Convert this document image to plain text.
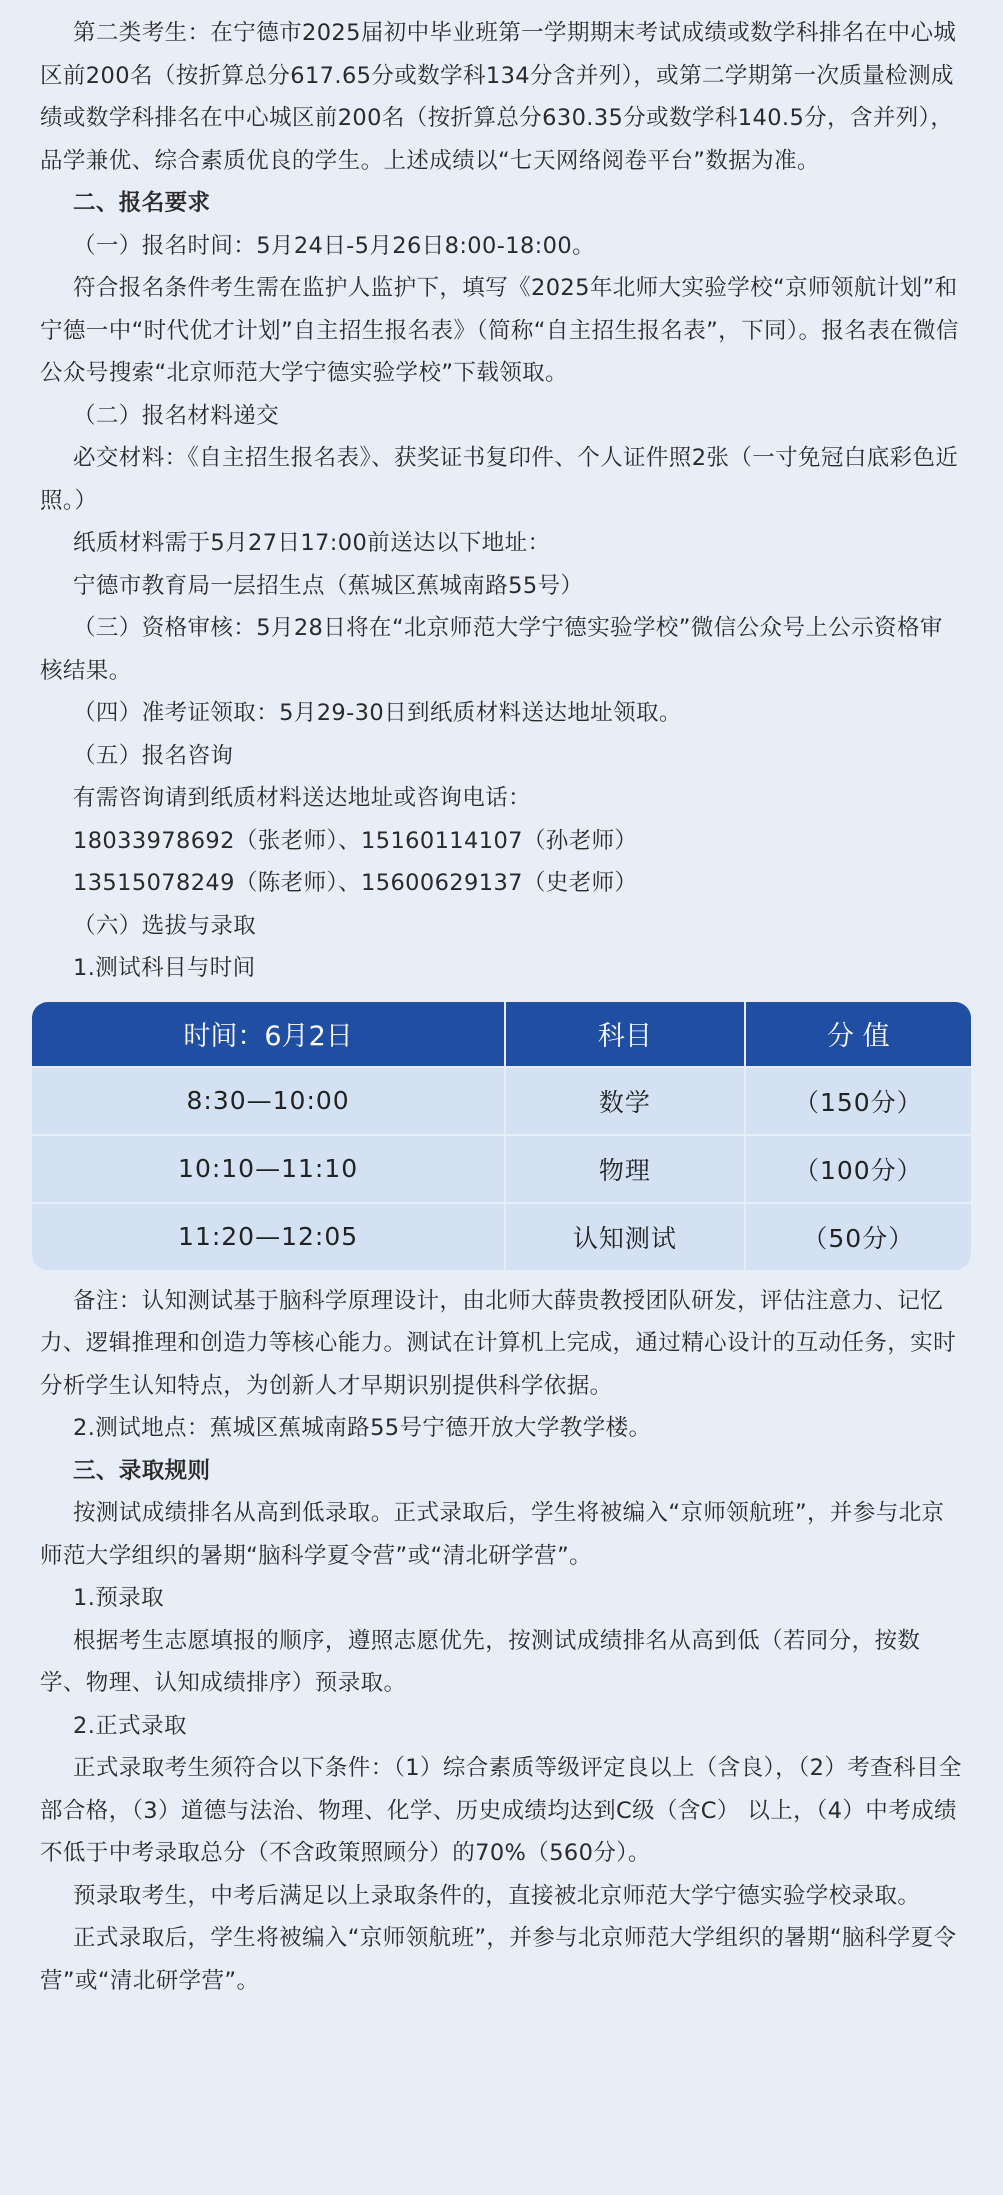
第二类考生：在宁德市2025届初中毕业班第一学期期末考试成绩或数学科排名在中心城区前200名（按折算总分617.65分或数学科134分含并列），或第二学期第一次质量检测成绩或数学科排名在中心城区前200名（按折算总分630.35分或数学科140.5分，含并列），品学兼优、综合素质优良的学生。上述成绩以“七天网络阅卷平台”数据为准。

二、报名要求

（一）报名时间：5月24日-5月26日8:00-18:00。

符合报名条件考生需在监护人监护下，填写《2025年北师大实验学校“京师领航计划”和宁德一中“时代优才计划”自主招生报名表》（简称“自主招生报名表”，下同）。报名表在微信公众号搜索“北京师范大学宁德实验学校”下载领取。

（二）报名材料递交

必交材料：《自主招生报名表》、获奖证书复印件、个人证件照2张（一寸免冠白底彩色近照。）

纸质材料需于5月27日17:00前送达以下地址：

宁德市教育局一层招生点（蕉城区蕉城南路55号）

（三）资格审核：5月28日将在“北京师范大学宁德实验学校”微信公众号上公示资格审核结果。

（四）准考证领取：5月29-30日到纸质材料送达地址领取。

（五）报名咨询

有需咨询请到纸质材料送达地址或咨询电话：

18033978692（张老师）、15160114107（孙老师）

13515078249（陈老师）、15600629137（史老师）

（六）选拔与录取

1.测试科目与时间

时间：6月2日	科目	分 值
8:30—10:00	数学	（150分）
10:10—11:10	物理	（100分）
11:20—12:05	认知测试	（50分）

备注：认知测试基于脑科学原理设计，由北师大薛贵教授团队研发，评估注意力、记忆力、逻辑推理和创造力等核心能力。测试在计算机上完成，通过精心设计的互动任务，实时分析学生认知特点，为创新人才早期识别提供科学依据。

2.测试地点：蕉城区蕉城南路55号宁德开放大学教学楼。

三、录取规则

按测试成绩排名从高到低录取。正式录取后，学生将被编入“京师领航班”，并参与北京师范大学组织的暑期“脑科学夏令营”或“清北研学营”。

1.预录取

根据考生志愿填报的顺序，遵照志愿优先，按测试成绩排名从高到低（若同分，按数学、物理、认知成绩排序）预录取。

2.正式录取

正式录取考生须符合以下条件：（1）综合素质等级评定良以上（含良），（2）考查科目全部合格，（3）道德与法治、物理、化学、历史成绩均达到C级（含C） 以上，（4）中考成绩不低于中考录取总分（不含政策照顾分）的70%（560分）。

预录取考生，中考后满足以上录取条件的，直接被北京师范大学宁德实验学校录取。

正式录取后，学生将被编入“京师领航班”，并参与北京师范大学组织的暑期“脑科学夏令营”或“清北研学营”。
